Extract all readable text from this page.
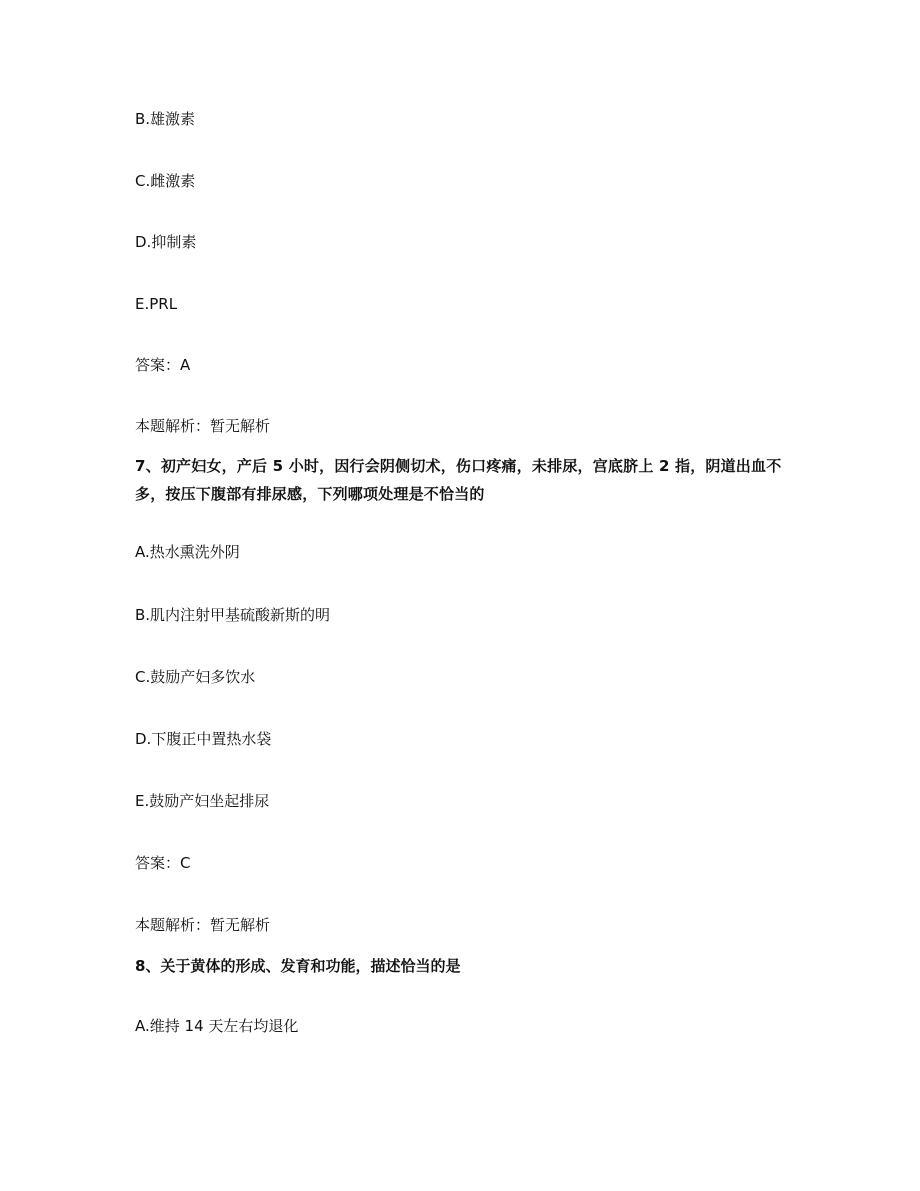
B.雄激素
C.雌激素
D.抑制素
E.PRL
答案：A
本题解析：暂无解析
7、初产妇女，产后 5 小时，因行会阴侧切术，伤口疼痛，未排尿，宫底脐上 2 指，阴道出血不多，按压下腹部有排尿感，下列哪项处理是不恰当的
A.热水熏洗外阴
B.肌内注射甲基硫酸新斯的明
C.鼓励产妇多饮水
D.下腹正中置热水袋
E.鼓励产妇坐起排尿
答案：C
本题解析：暂无解析
8、关于黄体的形成、发育和功能，描述恰当的是
A.维持 14 天左右均退化
